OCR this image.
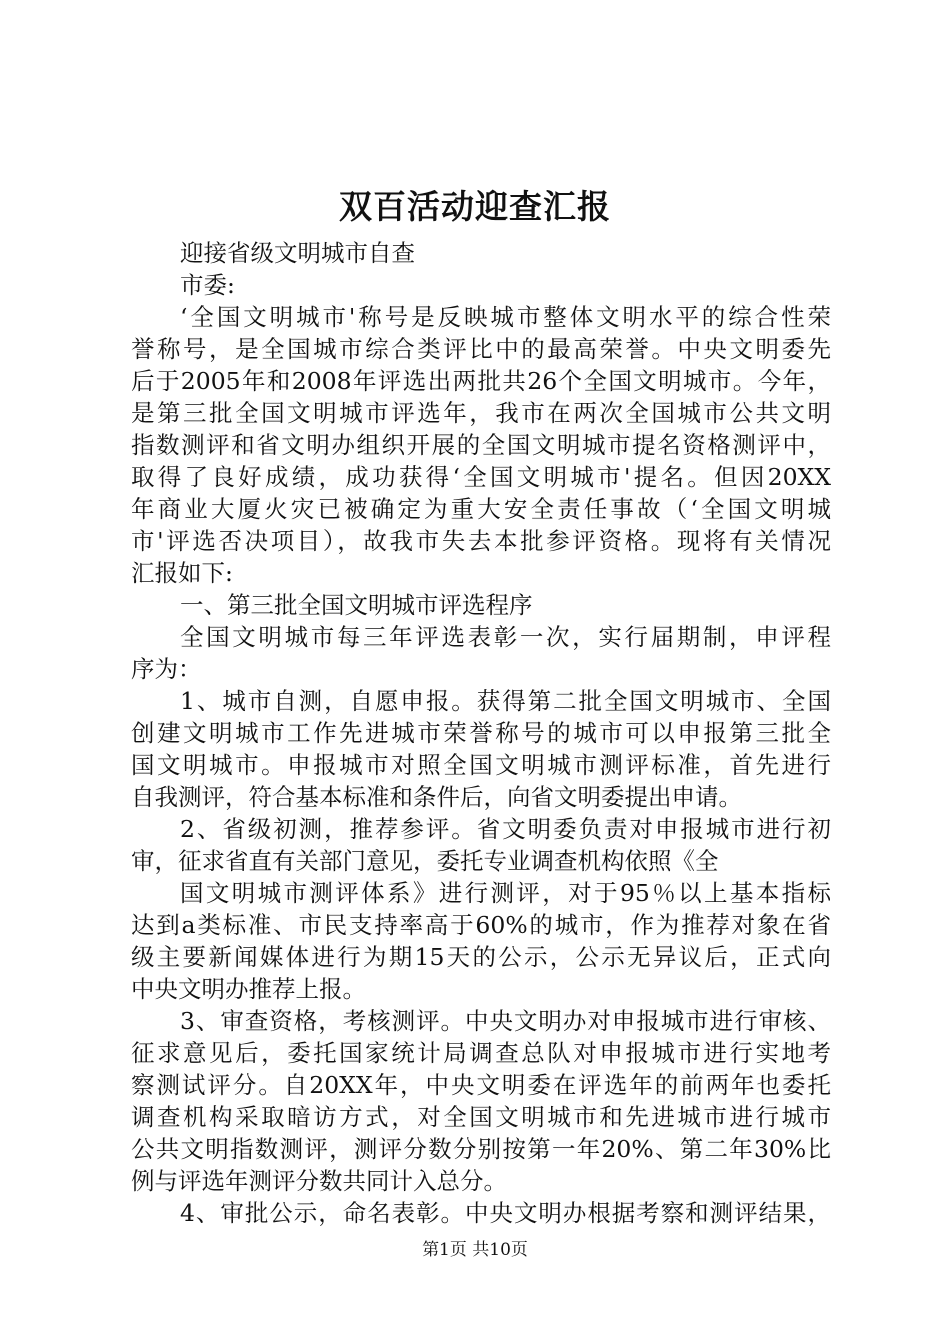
双百活动迎查汇报
迎接省级文明城市自查
市委:
‘全国文明城市'称号是反映城市整体文明水平的综合性荣
誉称号，是全国城市综合类评比中的最高荣誉。中央文明委先
后于2005年和2008年评选出两批共26个全国文明城市。今年，
是第三批全国文明城市评选年，我市在两次全国城市公共文明
指数测评和省文明办组织开展的全国文明城市提名资格测评中，
取得了良好成绩，成功获得‘全国文明城市'提名。但因20XX
年商业大厦火灾已被确定为重大安全责任事故（‘全国文明城
市'评选否决项目），故我市失去本批参评资格。现将有关情况
汇报如下:
一、第三批全国文明城市评选程序
全国文明城市每三年评选表彰一次，实行届期制，申评程
序为：
1、城市自测，自愿申报。获得第二批全国文明城市、全国
创建文明城市工作先进城市荣誉称号的城市可以申报第三批全
国文明城市。申报城市对照全国文明城市测评标准，首先进行
自我测评，符合基本标准和条件后，向省文明委提出申请。
2、省级初测，推荐参评。省文明委负责对申报城市进行初
审，征求省直有关部门意见，委托专业调查机构依照《全
国文明城市测评体系》进行测评，对于95％以上基本指标
达到a类标准、市民支持率高于60%的城市，作为推荐对象在省
级主要新闻媒体进行为期15天的公示，公示无异议后，正式向
中央文明办推荐上报。
3、审查资格，考核测评。中央文明办对申报城市进行审核、
征求意见后，委托国家统计局调查总队对申报城市进行实地考
察测试评分。自20XX年，中央文明委在评选年的前两年也委托
调查机构采取暗访方式，对全国文明城市和先进城市进行城市
公共文明指数测评，测评分数分别按第一年20%、第二年30%比
例与评选年测评分数共同计入总分。
4、审批公示，命名表彰。中央文明办根据考察和测评结果，
第1页 共10页
